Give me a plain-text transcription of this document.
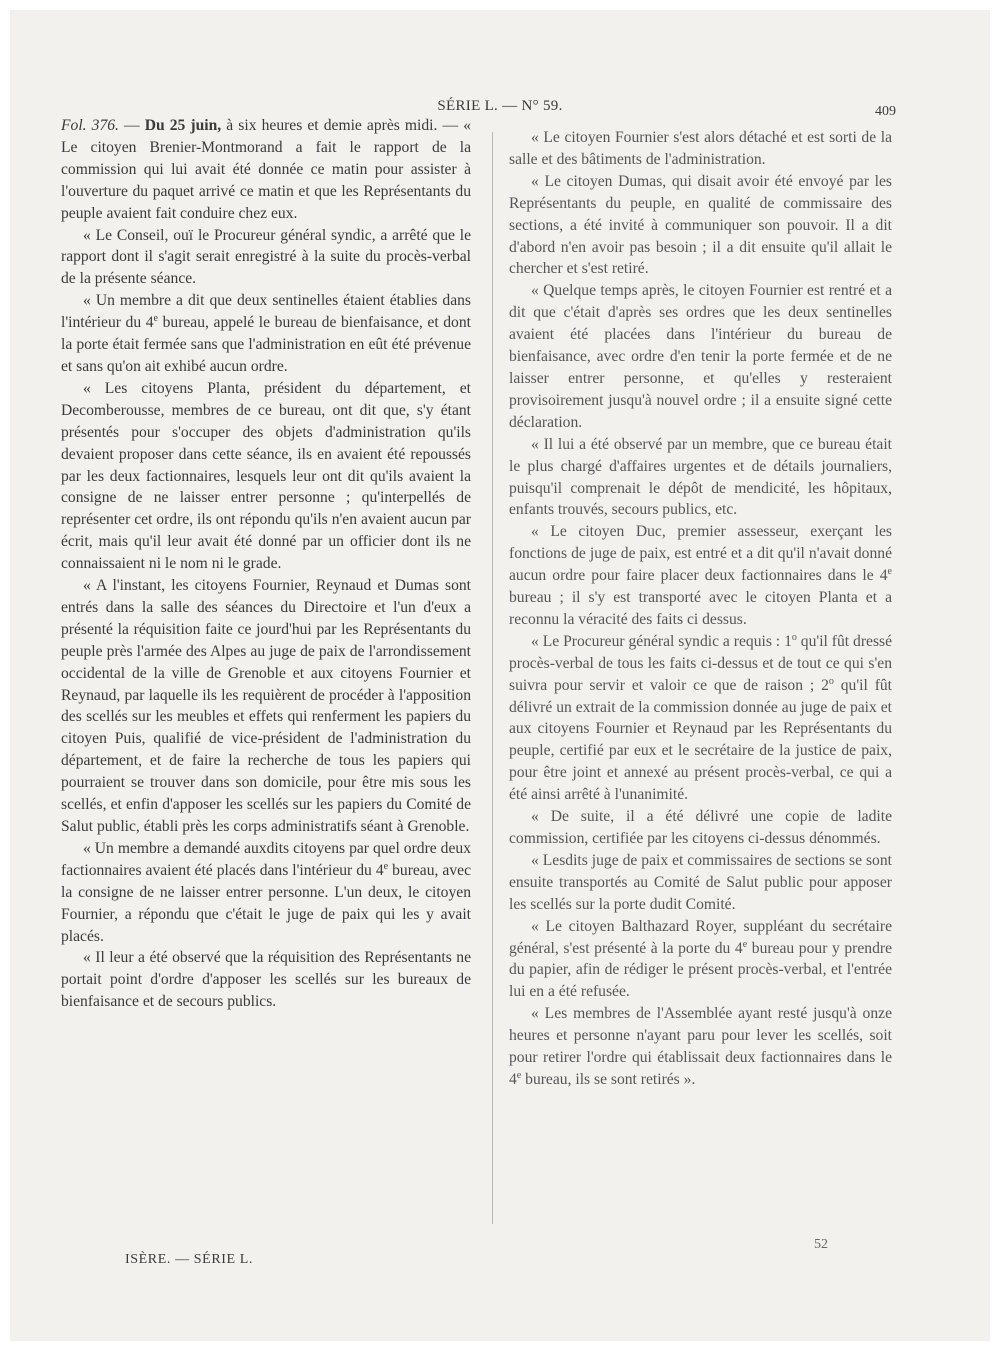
SÉRIE L. — N° 59.	409

Fol. 376. — Du 25 juin, à six heures et demie après midi. — « Le citoyen Brenier-Montmorand a fait le rapport de la commission qui lui avait été donnée ce matin pour assister à l'ouverture du paquet arrivé ce matin et que les Représentants du peuple avaient fait conduire chez eux.

« Le Conseil, ouï le Procureur général syndic, a arrêté que le rapport dont il s'agit serait enregistré à la suite du procès-verbal de la présente séance.

« Un membre a dit que deux sentinelles étaient établies dans l'intérieur du 4e bureau, appelé le bureau de bienfaisance, et dont la porte était fermée sans que l'administration en eût été prévenue et sans qu'on ait exhibé aucun ordre.

« Les citoyens Planta, président du département, et Decomberousse, membres de ce bureau, ont dit que, s'y étant présentés pour s'occuper des objets d'administration qu'ils devaient proposer dans cette séance, ils en avaient été repoussés par les deux factionnaires, lesquels leur ont dit qu'ils avaient la consigne de ne laisser entrer personne ; qu'interpellés de représenter cet ordre, ils ont répondu qu'ils n'en avaient aucun par écrit, mais qu'il leur avait été donné par un officier dont ils ne connaissaient ni le nom ni le grade.

« A l'instant, les citoyens Fournier, Reynaud et Dumas sont entrés dans la salle des séances du Directoire et l'un d'eux a présenté la réquisition faite ce jourd'hui par les Représentants du peuple près l'armée des Alpes au juge de paix de l'arrondissement occidental de la ville de Grenoble et aux citoyens Fournier et Reynaud, par laquelle ils les requièrent de procéder à l'apposition des scellés sur les meubles et effets qui renferment les papiers du citoyen Puis, qualifié de vice-président de l'administration du département, et de faire la recherche de tous les papiers qui pourraient se trouver dans son domicile, pour être mis sous les scellés, et enfin d'apposer les scellés sur les papiers du Comité de Salut public, établi près les corps administratifs séant à Grenoble.

« Un membre a demandé auxdits citoyens par quel ordre deux factionnaires avaient été placés dans l'intérieur du 4e bureau, avec la consigne de ne laisser entrer personne. L'un deux, le citoyen Fournier, a répondu que c'était le juge de paix qui les y avait placés.

« Il leur a été observé que la réquisition des Représentants ne portait point d'ordre d'apposer les scellés sur les bureaux de bienfaisance et de secours publics.

« Le citoyen Fournier s'est alors détaché et est sorti de la salle et des bâtiments de l'administration.

« Le citoyen Dumas, qui disait avoir été envoyé par les Représentants du peuple, en qualité de commissaire des sections, a été invité à communiquer son pouvoir. Il a dit d'abord n'en avoir pas besoin ; il a dit ensuite qu'il allait le chercher et s'est retiré.

« Quelque temps après, le citoyen Fournier est rentré et a dit que c'était d'après ses ordres que les deux sentinelles avaient été placées dans l'intérieur du bureau de bienfaisance, avec ordre d'en tenir la porte fermée et de ne laisser entrer personne, et qu'elles y resteraient provisoirement jusqu'à nouvel ordre ; il a ensuite signé cette déclaration.

« Il lui a été observé par un membre, que ce bureau était le plus chargé d'affaires urgentes et de détails journaliers, puisqu'il comprenait le dépôt de mendicité, les hôpitaux, enfants trouvés, secours publics, etc.

« Le citoyen Duc, premier assesseur, exerçant les fonctions de juge de paix, est entré et a dit qu'il n'avait donné aucun ordre pour faire placer deux factionnaires dans le 4e bureau ; il s'y est transporté avec le citoyen Planta et a reconnu la véracité des faits ci dessus.

« Le Procureur général syndic a requis : 1$^o$ qu'il fût dressé procès-verbal de tous les faits ci-dessus et de tout ce qui s'en suivra pour servir et valoir ce que de raison ; 2$^o$ qu'il fût délivré un extrait de la commission donnée au juge de paix et aux citoyens Fournier et Reynaud par les Représentants du peuple, certifié par eux et le secrétaire de la justice de paix, pour être joint et annexé au présent procès-verbal, ce qui a été ainsi arrêté à l'unanimité.

« De suite, il a été délivré une copie de ladite commission, certifiée par les citoyens ci-dessus dénommés.

« Lesdits juge de paix et commissaires de sections se sont ensuite transportés au Comité de Salut public pour apposer les scellés sur la porte dudit Comité.

« Le citoyen Balthazard Royer, suppléant du secrétaire général, s'est présenté à la porte du 4e bureau pour y prendre du papier, afin de rédiger le présent procès-verbal, et l'entrée lui en a été refusée.

« Les membres de l'Assemblée ayant resté jusqu'à onze heures et personne n'ayant paru pour lever les scellés, soit pour retirer l'ordre qui établissait deux factionnaires dans le 4e bureau, ils se sont retirés ».

ISÈRE. — SÉRIE L.
52
